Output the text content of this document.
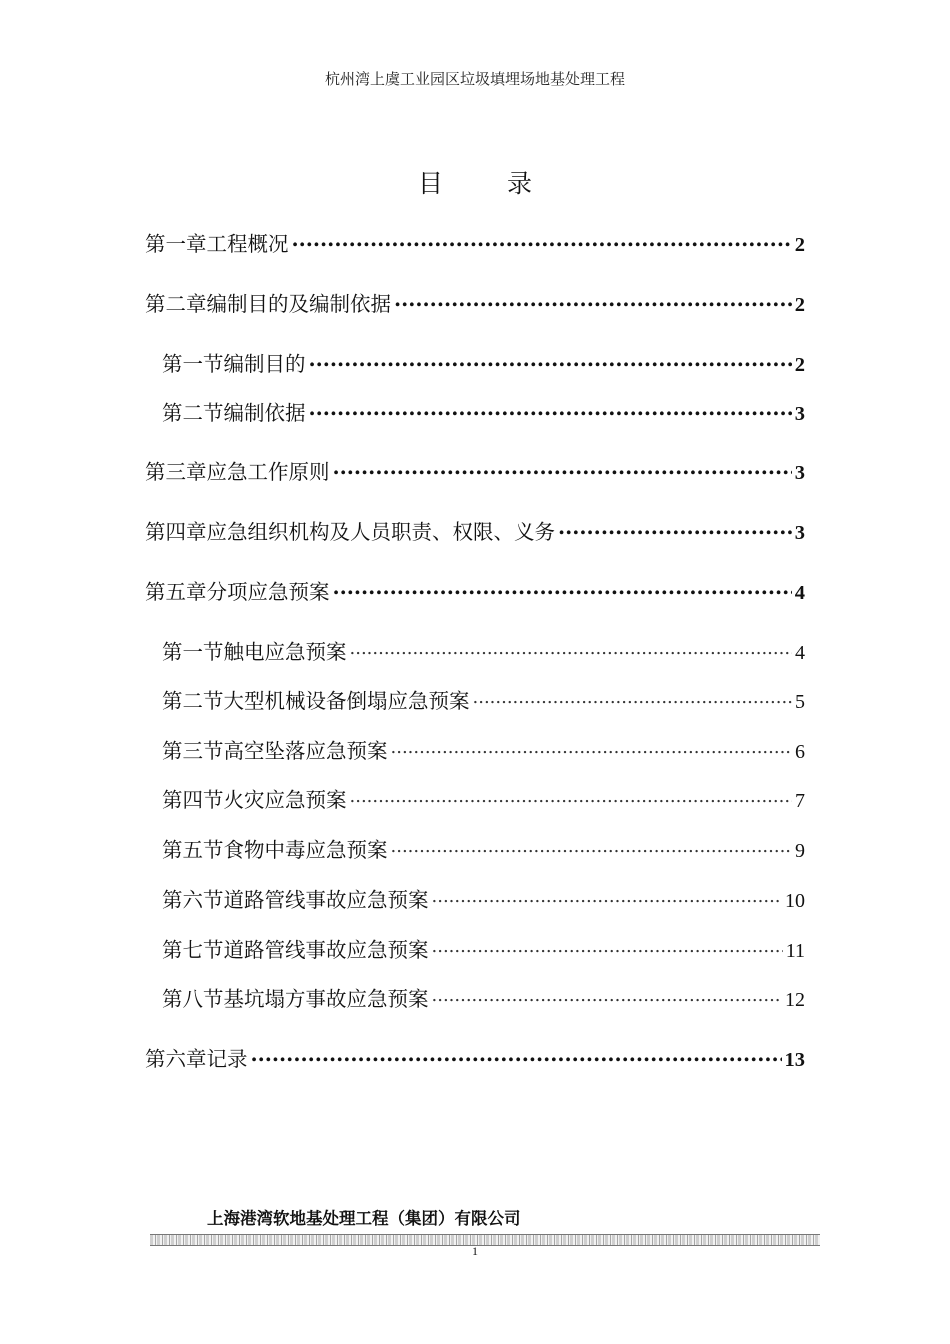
杭州湾上虞工业园区垃圾填埋场地基处理工程
目 录
第一章 工程概况 .....	2
第二章 编制目的及编制依据 .....	2
第一节 编制目的 .....	2
第二节 编制依据 .....	3
第三章 应急工作原则 .....	3
第四章 应急组织机构及人员职责、权限、义务 .....	3
第五章 分项应急预案 .....	4
第一节 触电应急预案 .....	4
第二节 大型机械设备倒塌应急预案 .....	5
第三节 高空坠落应急预案 .....	6
第四节 火灾应急预案 .....	7
第五节 食物中毒应急预案 .....	9
第六节 道路管线事故应急预案 .....	10
第七节 道路管线事故应急预案 .....	11
第八节 基坑塌方事故应急预案 .....	12
第六章 记录 .....	13
上海港湾软地基处理工程（集团）有限公司
1
